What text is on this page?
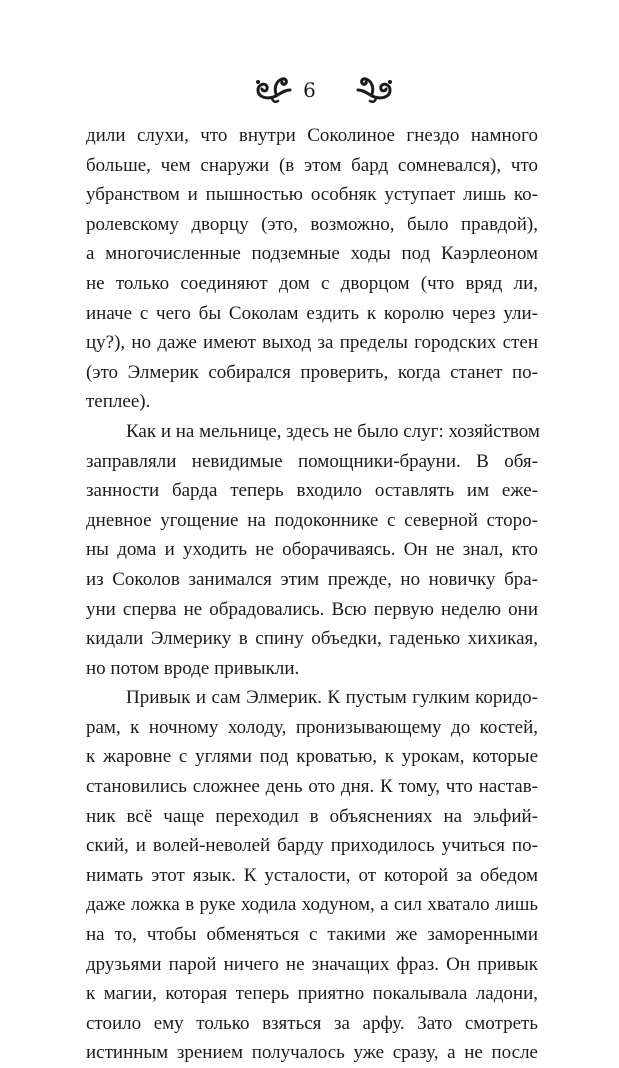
6
дили слухи, что внутри Соколиное гнездо намного
больше, чем снаружи (в этом бард сомневался), что
убранством и пышностью особняк уступает лишь ко-
ролевскому дворцу (это, возможно, было правдой),
а многочисленные подземные ходы под Каэрлеоном
не только соединяют дом с дворцом (что вряд ли,
иначе с чего бы Соколам ездить к королю через ули-
цу?), но даже имеют выход за пределы городских стен
(это Элмерик собирался проверить, когда станет по-
теплее).
Как и на мельнице, здесь не было слуг: хозяйством
заправляли невидимые помощники-брауни. В обя-
занности барда теперь входило оставлять им еже-
дневное угощение на подоконнике с северной сторо-
ны дома и уходить не оборачиваясь. Он не знал, кто
из Соколов занимался этим прежде, но новичку бра-
уни сперва не обрадовались. Всю первую неделю они
кидали Элмерику в спину объедки, гаденько хихикая,
но потом вроде привыкли.
Привык и сам Элмерик. К пустым гулким коридо-
рам, к ночному холоду, пронизывающему до костей,
к жаровне с углями под кроватью, к урокам, которые
становились сложнее день ото дня. К тому, что настав-
ник всё чаще переходил в объяснениях на эльфий-
ский, и волей-неволей барду приходилось учиться по-
нимать этот язык. К усталости, от которой за обедом
даже ложка в руке ходила ходуном, а сил хватало лишь
на то, чтобы обменяться с такими же заморенными
друзьями парой ничего не значащих фраз. Он привык
к магии, которая теперь приятно покалывала ладони,
стоило ему только взяться за арфу. Зато смотреть
истинным зрением получалось уже сразу, а не после
